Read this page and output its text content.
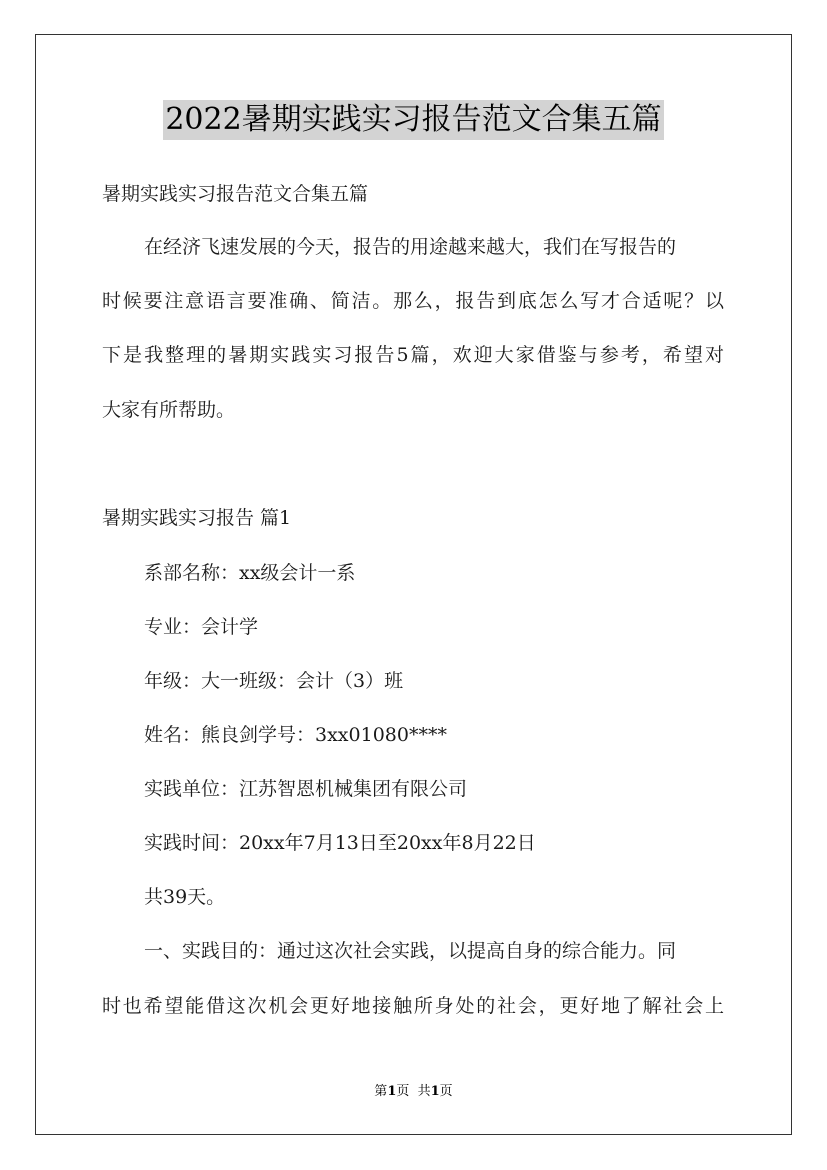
2022暑期实践实习报告范文合集五篇
暑期实践实习报告范文合集五篇
在经济飞速发展的今天，报告的用途越来越大，我们在写报告的
时候要注意语言要准确、简洁。那么，报告到底怎么写才合适呢？以
下是我整理的暑期实践实习报告5篇，欢迎大家借鉴与参考，希望对
大家有所帮助。
暑期实践实习报告 篇1
系部名称：xx级会计一系
专业：会计学
年级：大一班级：会计（3）班
姓名：熊良剑学号：3xx01080****
实践单位：江苏智恩机械集团有限公司
实践时间：20xx年7月13日至20xx年8月22日
共39天。
一、实践目的：通过这次社会实践，以提高自身的综合能力。同
时也希望能借这次机会更好地接触所身处的社会，更好地了解社会上
第1页  共1页
